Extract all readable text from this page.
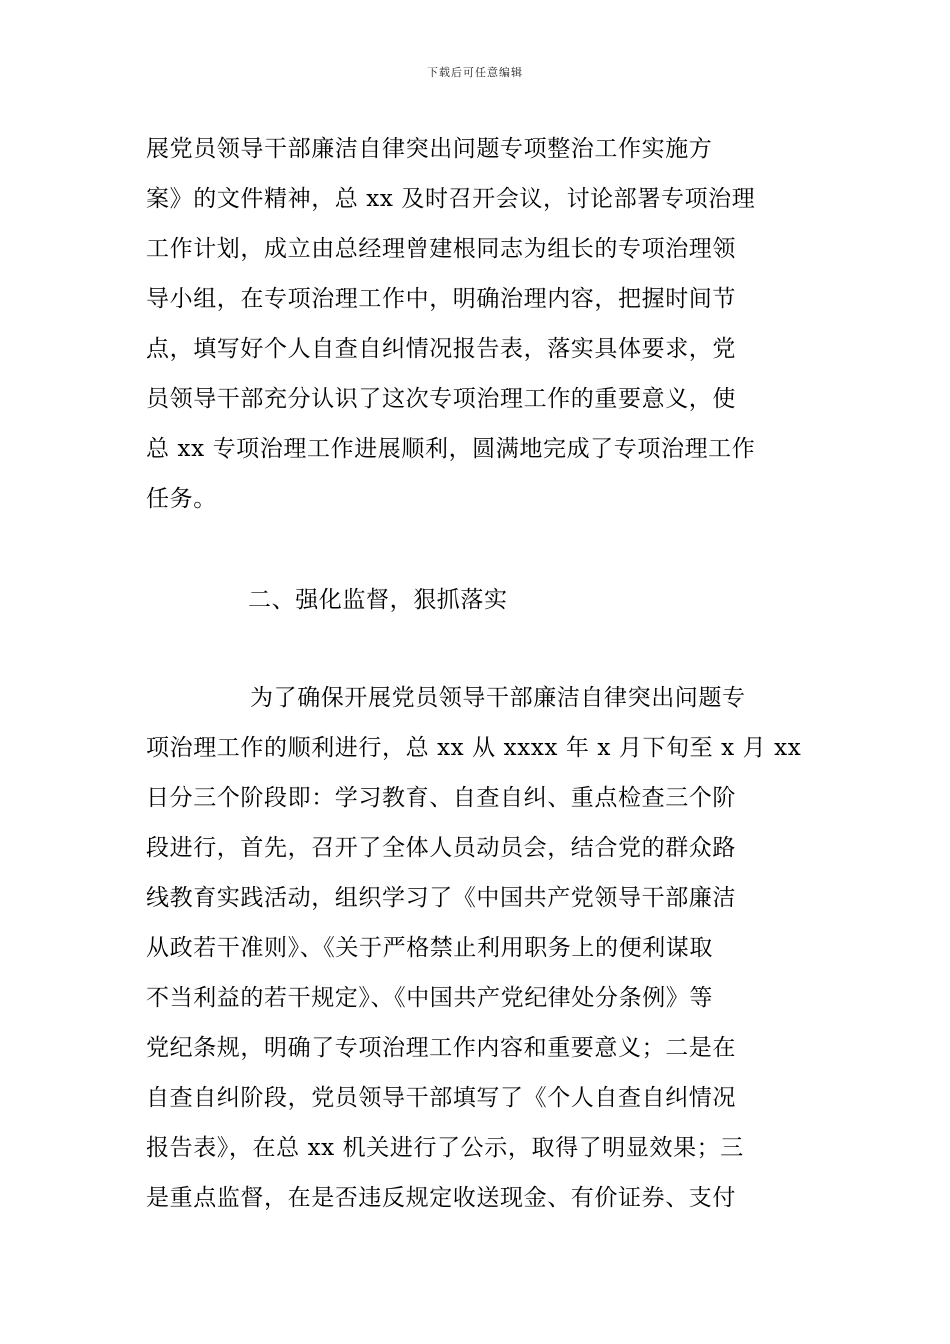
下载后可任意编辑
展党员领导干部廉洁自律突出问题专项整治工作实施方
案》的文件精神，总 xx 及时召开会议，讨论部署专项治理
工作计划，成立由总经理曾建根同志为组长的专项治理领
导小组，在专项治理工作中，明确治理内容，把握时间节
点，填写好个人自查自纠情况报告表，落实具体要求，党
员领导干部充分认识了这次专项治理工作的重要意义，使
总 xx 专项治理工作进展顺利，圆满地完成了专项治理工作
任务。
二、强化监督，狠抓落实
为了确保开展党员领导干部廉洁自律突出问题专
项治理工作的顺利进行，总 xx 从 xxxx 年 x 月下旬至 x 月 xx
日分三个阶段即：学习教育、自查自纠、重点检查三个阶
段进行，首先，召开了全体人员动员会，结合党的群众路
线教育实践活动，组织学习了《中国共产党领导干部廉洁
从政若干准则》、《关于严格禁止利用职务上的便利谋取
不当利益的若干规定》、《中国共产党纪律处分条例》等
党纪条规，明确了专项治理工作内容和重要意义；二是在
自查自纠阶段，党员领导干部填写了《个人自查自纠情况
报告表》，在总 xx 机关进行了公示，取得了明显效果；三
是重点监督，在是否违反规定收送现金、有价证券、支付
